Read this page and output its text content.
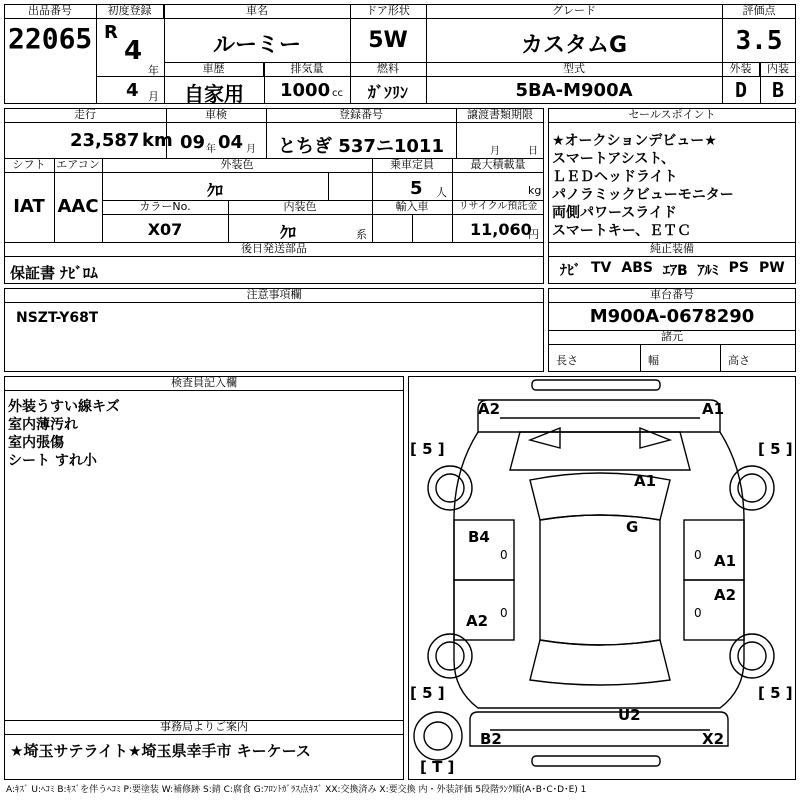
出品番号
22065
初度登録
R
4
年
4 月
車名
ルーミー
ドア形状
5W
グレード
カスタムG
評価点
3.5
外装	内装
D	B
車歴
自家用
排気量
1000 cc
燃料
ｶﾞｿﾘﾝ
型式
5BA-M900A
走行
23,587 km
車検
09 年 04 月
登録番号
とちぎ 537ニ1011
譲渡書類期限
月	日
シフト
IAT
エアコン
AAC
外装色
ｸﾛ
乗車定員
5 人
最大積載量
kg
カラーNo.
X07
内装色
ｸﾛ	系
輸入車	リサイクル預託金
11,060
円
後日発送部品
保証書 ﾅﾋﾞﾛﾑ
セールスポイント
★オークションデビュー★
スマートアシスト、
ＬＥＤヘッドライト
パノラミックビューモニター
両側パワースライド
スマートキー、ＥＴＣ
純正装備
ﾅﾋﾞ TV ABS ｴｱB ｱﾙﾐ PS PW
注意事項欄
NSZT-Y68T
車台番号
M900A-0678290
諸元
長さ	幅	高さ
検査員記入欄
外装うすい線キズ
室内薄汚れ
室内張傷
シート すれ小
事務局よりご案内
★埼玉サテライト★埼玉県幸手市 キーケース
A2	A1
A1
G
B4
A1
A2
A2
U2
B2	X2
[ 5 ]	[ 5 ]
[ 5 ]	[ 5 ]
[ T ]
0	0
0	0
A:ｷｽﾞ U:ﾍｺﾐ B:ｷｽﾞを伴うﾍｺﾐ P:要塗装 W:補修跡 S:錆 C:腐食 G:ﾌﾛﾝﾄｶﾞﾗｽ点ｷｽﾞ XX:交換済み X:要交換 内・外装評価 5段階ﾗﾝｸ順(A･B･C･D･E) 1
